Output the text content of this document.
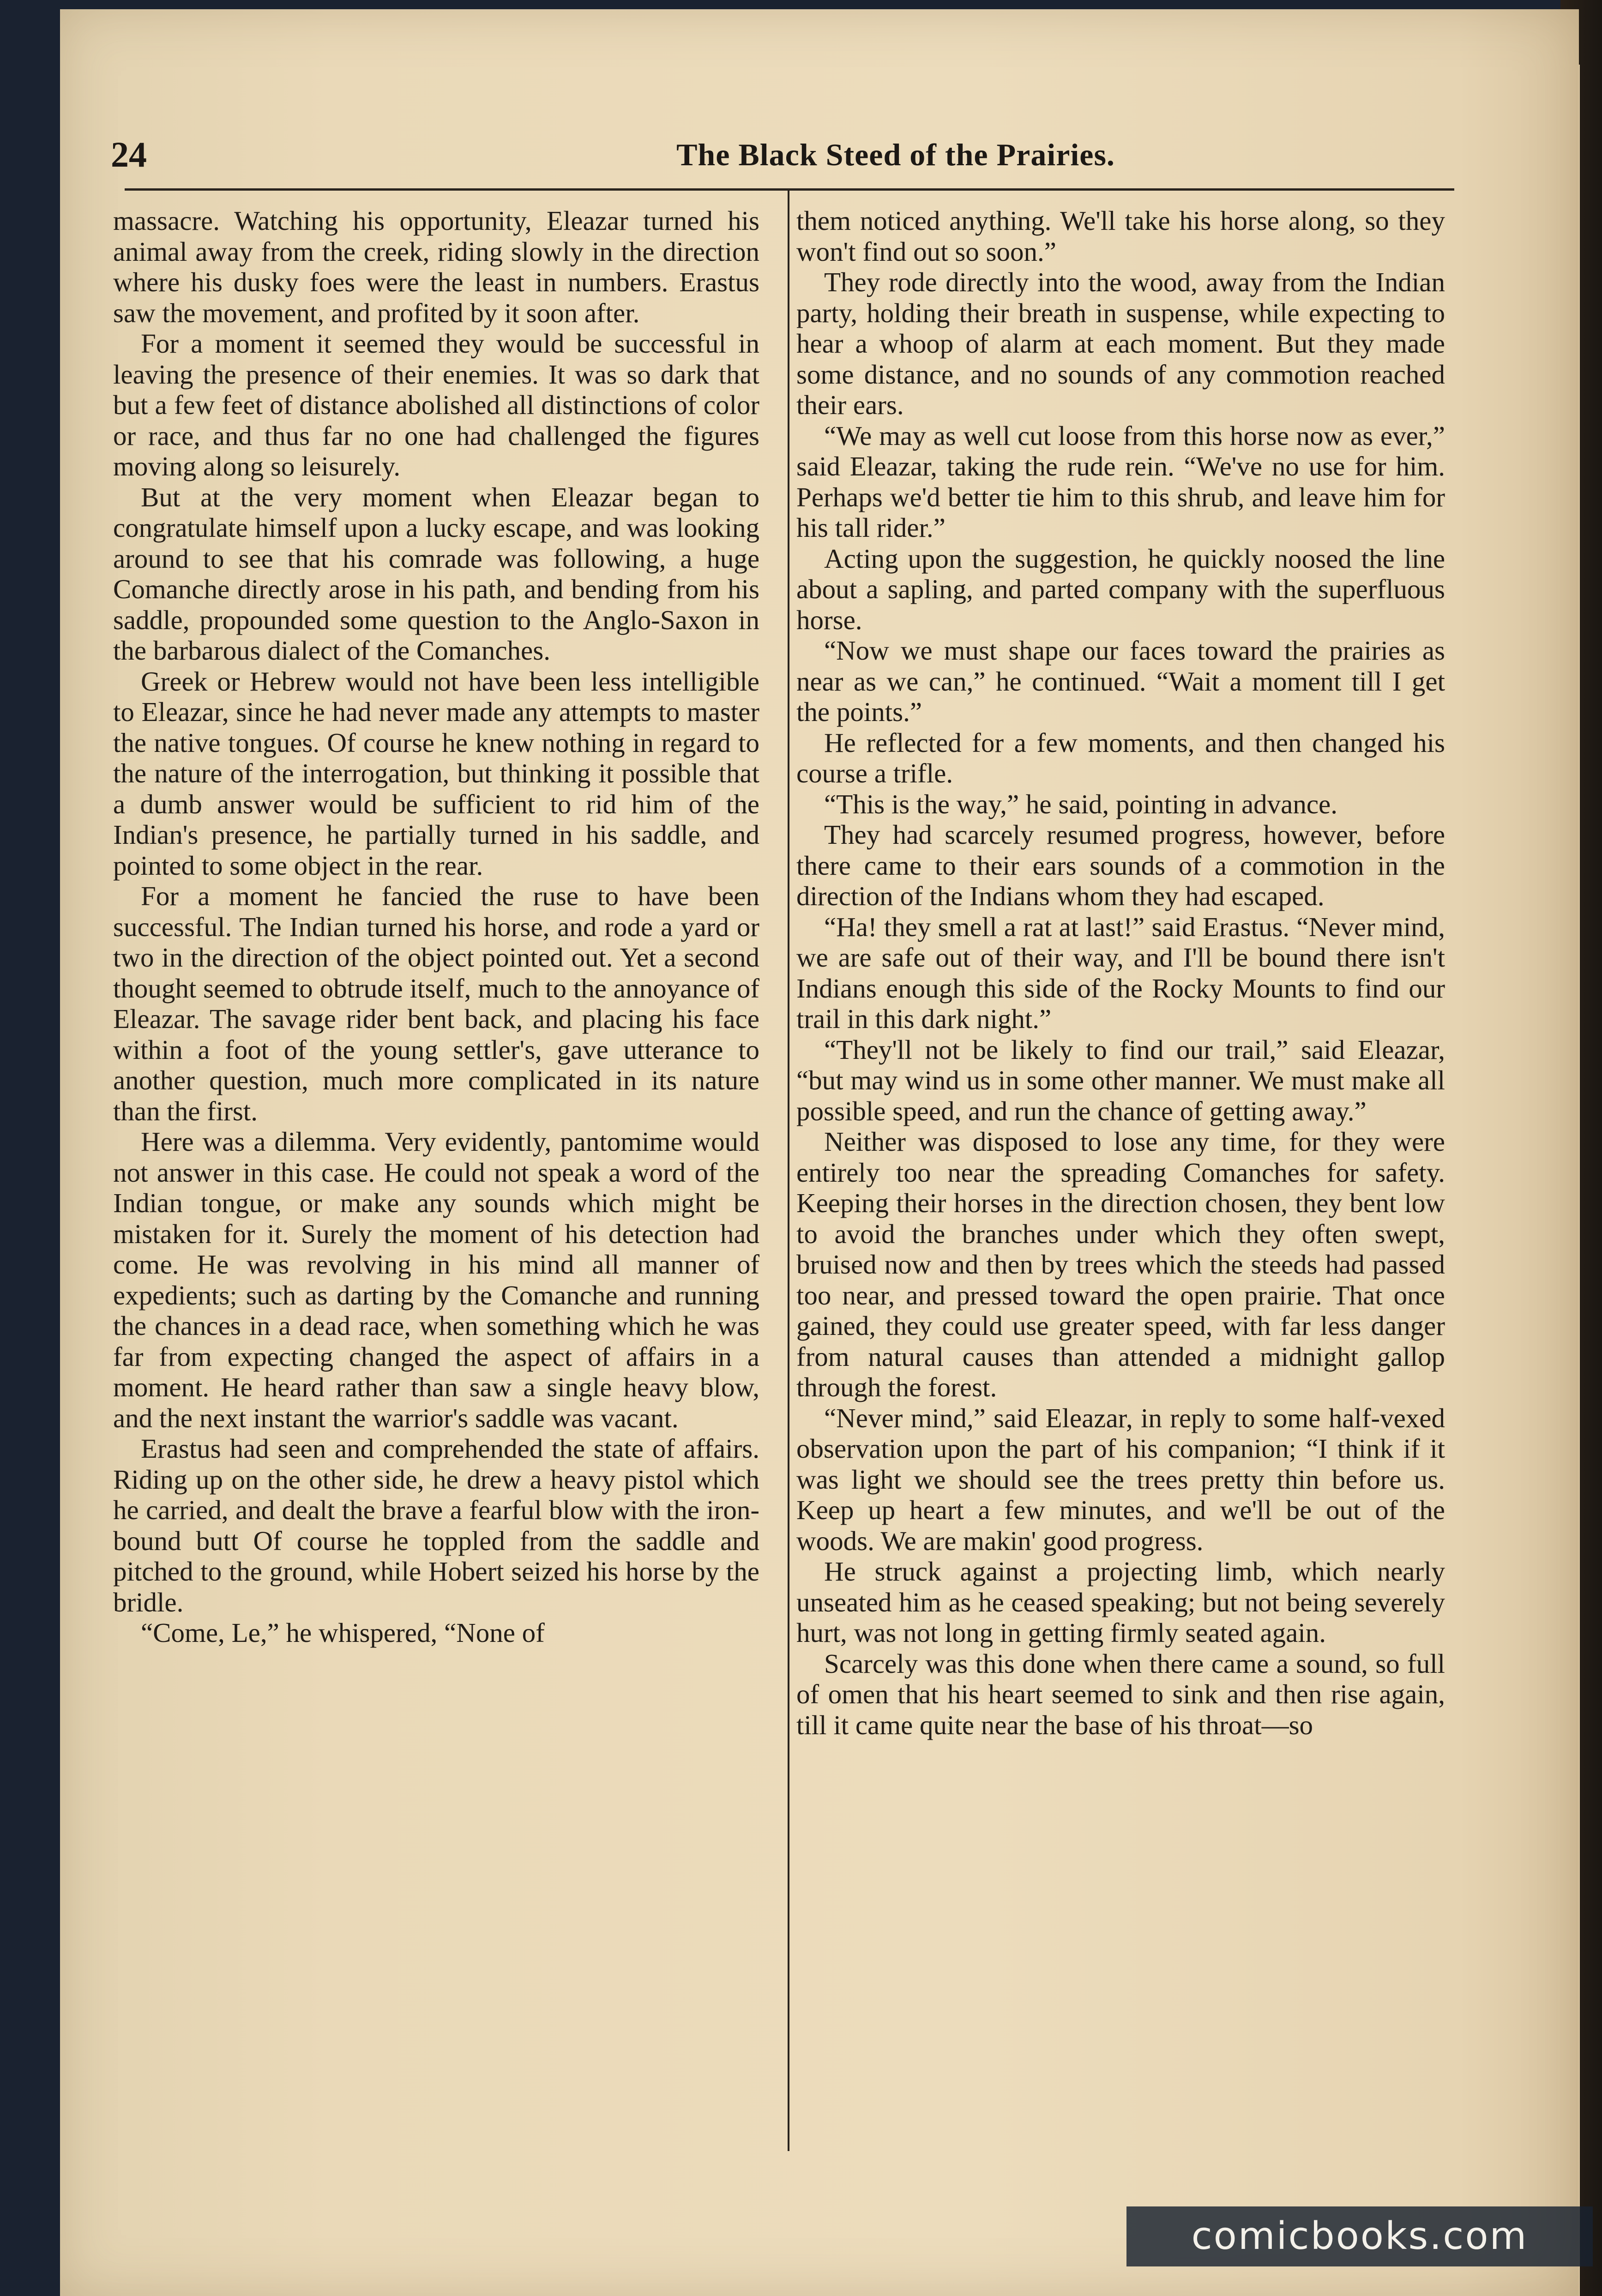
24	The Black Steed of the Prairies.

massacre. Watching his opportunity, Eleazar turned his animal away from the creek, riding slowly in the direction where his dusky foes were the least in numbers. Erastus saw the movement, and profited by it soon after.

For a moment it seemed they would be successful in leaving the presence of their enemies. It was so dark that but a few feet of distance abolished all distinctions of color or race, and thus far no one had challenged the figures moving along so leisurely.

But at the very moment when Eleazar began to congratulate himself upon a lucky escape, and was looking around to see that his comrade was following, a huge Comanche directly arose in his path, and bending from his saddle, propounded some question to the Anglo-Saxon in the barbarous dialect of the Comanches.

Greek or Hebrew would not have been less intelligible to Eleazar, since he had never made any attempts to master the native tongues. Of course he knew nothing in regard to the nature of the interrogation, but thinking it possible that a dumb answer would be sufficient to rid him of the Indian's presence, he partially turned in his saddle, and pointed to some object in the rear.

For a moment he fancied the ruse to have been successful. The Indian turned his horse, and rode a yard or two in the direction of the object pointed out. Yet a second thought seemed to obtrude itself, much to the annoyance of Eleazar. The savage rider bent back, and placing his face within a foot of the young settler's, gave utterance to another question, much more complicated in its nature than the first.

Here was a dilemma. Very evidently, pantomime would not answer in this case. He could not speak a word of the Indian tongue, or make any sounds which might be mistaken for it. Surely the moment of his detection had come. He was revolving in his mind all manner of expedients; such as darting by the Comanche and running the chances in a dead race, when something which he was far from expecting changed the aspect of affairs in a moment. He heard rather than saw a single heavy blow, and the next instant the warrior's saddle was vacant.

Erastus had seen and comprehended the state of affairs. Riding up on the other side, he drew a heavy pistol which he carried, and dealt the brave a fearful blow with the iron-bound butt Of course he toppled from the saddle and pitched to the ground, while Hobert seized his horse by the bridle.

“Come, Le,” he whispered, “None of

them noticed anything. We'll take his horse along, so they won't find out so soon.”

They rode directly into the wood, away from the Indian party, holding their breath in suspense, while expecting to hear a whoop of alarm at each moment. But they made some distance, and no sounds of any commotion reached their ears.

“We may as well cut loose from this horse now as ever,” said Eleazar, taking the rude rein. “We've no use for him. Perhaps we'd better tie him to this shrub, and leave him for his tall rider.”

Acting upon the suggestion, he quickly noosed the line about a sapling, and parted company with the superfluous horse.

“Now we must shape our faces toward the prairies as near as we can,” he continued. “Wait a moment till I get the points.”

He reflected for a few moments, and then changed his course a trifle.

“This is the way,” he said, pointing in advance.

They had scarcely resumed progress, however, before there came to their ears sounds of a commotion in the direction of the Indians whom they had escaped.

“Ha! they smell a rat at last!” said Erastus. “Never mind, we are safe out of their way, and I'll be bound there isn't Indians enough this side of the Rocky Mounts to find our trail in this dark night.”

“They'll not be likely to find our trail,” said Eleazar, “but may wind us in some other manner. We must make all possible speed, and run the chance of getting away.”

Neither was disposed to lose any time, for they were entirely too near the spreading Comanches for safety. Keeping their horses in the direction chosen, they bent low to avoid the branches under which they often swept, bruised now and then by trees which the steeds had passed too near, and pressed toward the open prairie. That once gained, they could use greater speed, with far less danger from natural causes than attended a midnight gallop through the forest.

“Never mind,” said Eleazar, in reply to some half-vexed observation upon the part of his companion; “I think if it was light we should see the trees pretty thin before us. Keep up heart a few minutes, and we'll be out of the woods. We are makin' good progress.

He struck against a projecting limb, which nearly unseated him as he ceased speaking; but not being severely hurt, was not long in getting firmly seated again.

Scarcely was this done when there came a sound, so full of omen that his heart seemed to sink and then rise again, till it came quite near the base of his throat—so

comicbooks.com
